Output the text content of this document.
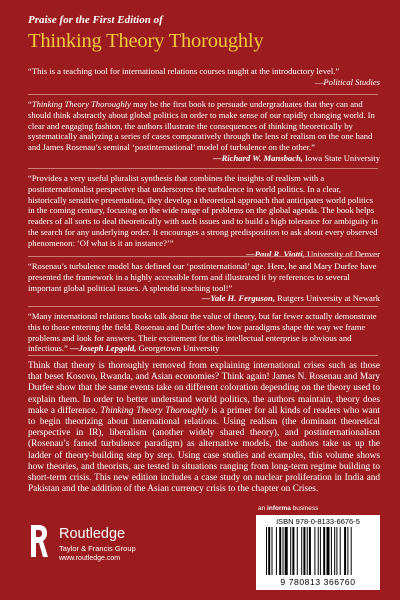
Praise for the First Edition of
Thinking Theory Thoroughly

“This is a teaching tool for international relations courses taught at the introductory level.”
—Political Studies

“Thinking Theory Thoroughly may be the first book to persuade undergraduates that they can and should think abstractly about global politics in order to make sense of our rapidly changing world. In clear and engaging fashion, the authors illustrate the consequences of thinking theoretically by systematically analyzing a series of cases comparatively through the lens of realism on the one hand and James Rosenau’s seminal ‘postinternational’ model of turbulence on the other.”

—Richard W. Mansbach, Iowa State University

“Provides a very useful pluralist synthesis that combines the insights of realism with a postinternationalist perspective that underscores the turbulence in world politics. In a clear, historically sensitive presentation, they develop a theoretical approach that anticipates world politics in the coming century, focusing on the wide range of problems on the global agenda. The book helps readers of all sorts to deal theoretically with such issues and to build a high tolerance for ambiguity in the search for any underlying order. It encourages a strong predisposition to ask about every observed phenomenon: ‘Of what is it an instance?’”

—Paul R. Viotti, University of Denver

“Rosenau’s turbulence model has defined our ‘postinternational’ age. Here, he and Mary Durfee have presented the framework in a highly accessible form and illustrated it by references to several important global political issues. A splendid teaching tool!”

—Yale H. Ferguson, Rutgers University at Newark

“Many international relations books talk about the value of theory, but far fewer actually demonstrate this to those entering the field. Rosenau and Durfee show how paradigms shape the way we frame problems and look for answers. Their excitement for this intellectual enterprise is obvious and infectious.” —Joseph Lepgold, Georgetown University

Think that theory is thoroughly removed from explaining international crises such as those that beset Kosovo, Rwanda, and Asian economies? Think again! James N. Rosenau and Mary Durfee show that the same events take on different coloration depending on the theory used to explain them. In order to better understand world politics, the authors maintain, theory does make a difference. Thinking Theory Thoroughly is a primer for all kinds of readers who want to begin theorizing about international relations. Using realism (the dominant theoretical perspective in IR), liberalism (another widely shared theory), and postinternationalism (Rosenau’s famed turbulence paradigm) as alternative models, the authors take us up the ladder of theory-building step by step. Using case studies and examples, this volume shows how theories, and theorists, are tested in situations ranging from long-term regime building to short-term crisis. This new edition includes a case study on nuclear proliferation in India and Pakistan and the addition of the Asian currency crisis to the chapter on Crises.
Routledge
Taylor & Francis Group
www.routledge.com
an informa business
ISBN 978-0-8133-6676-5
9 780813 366760
